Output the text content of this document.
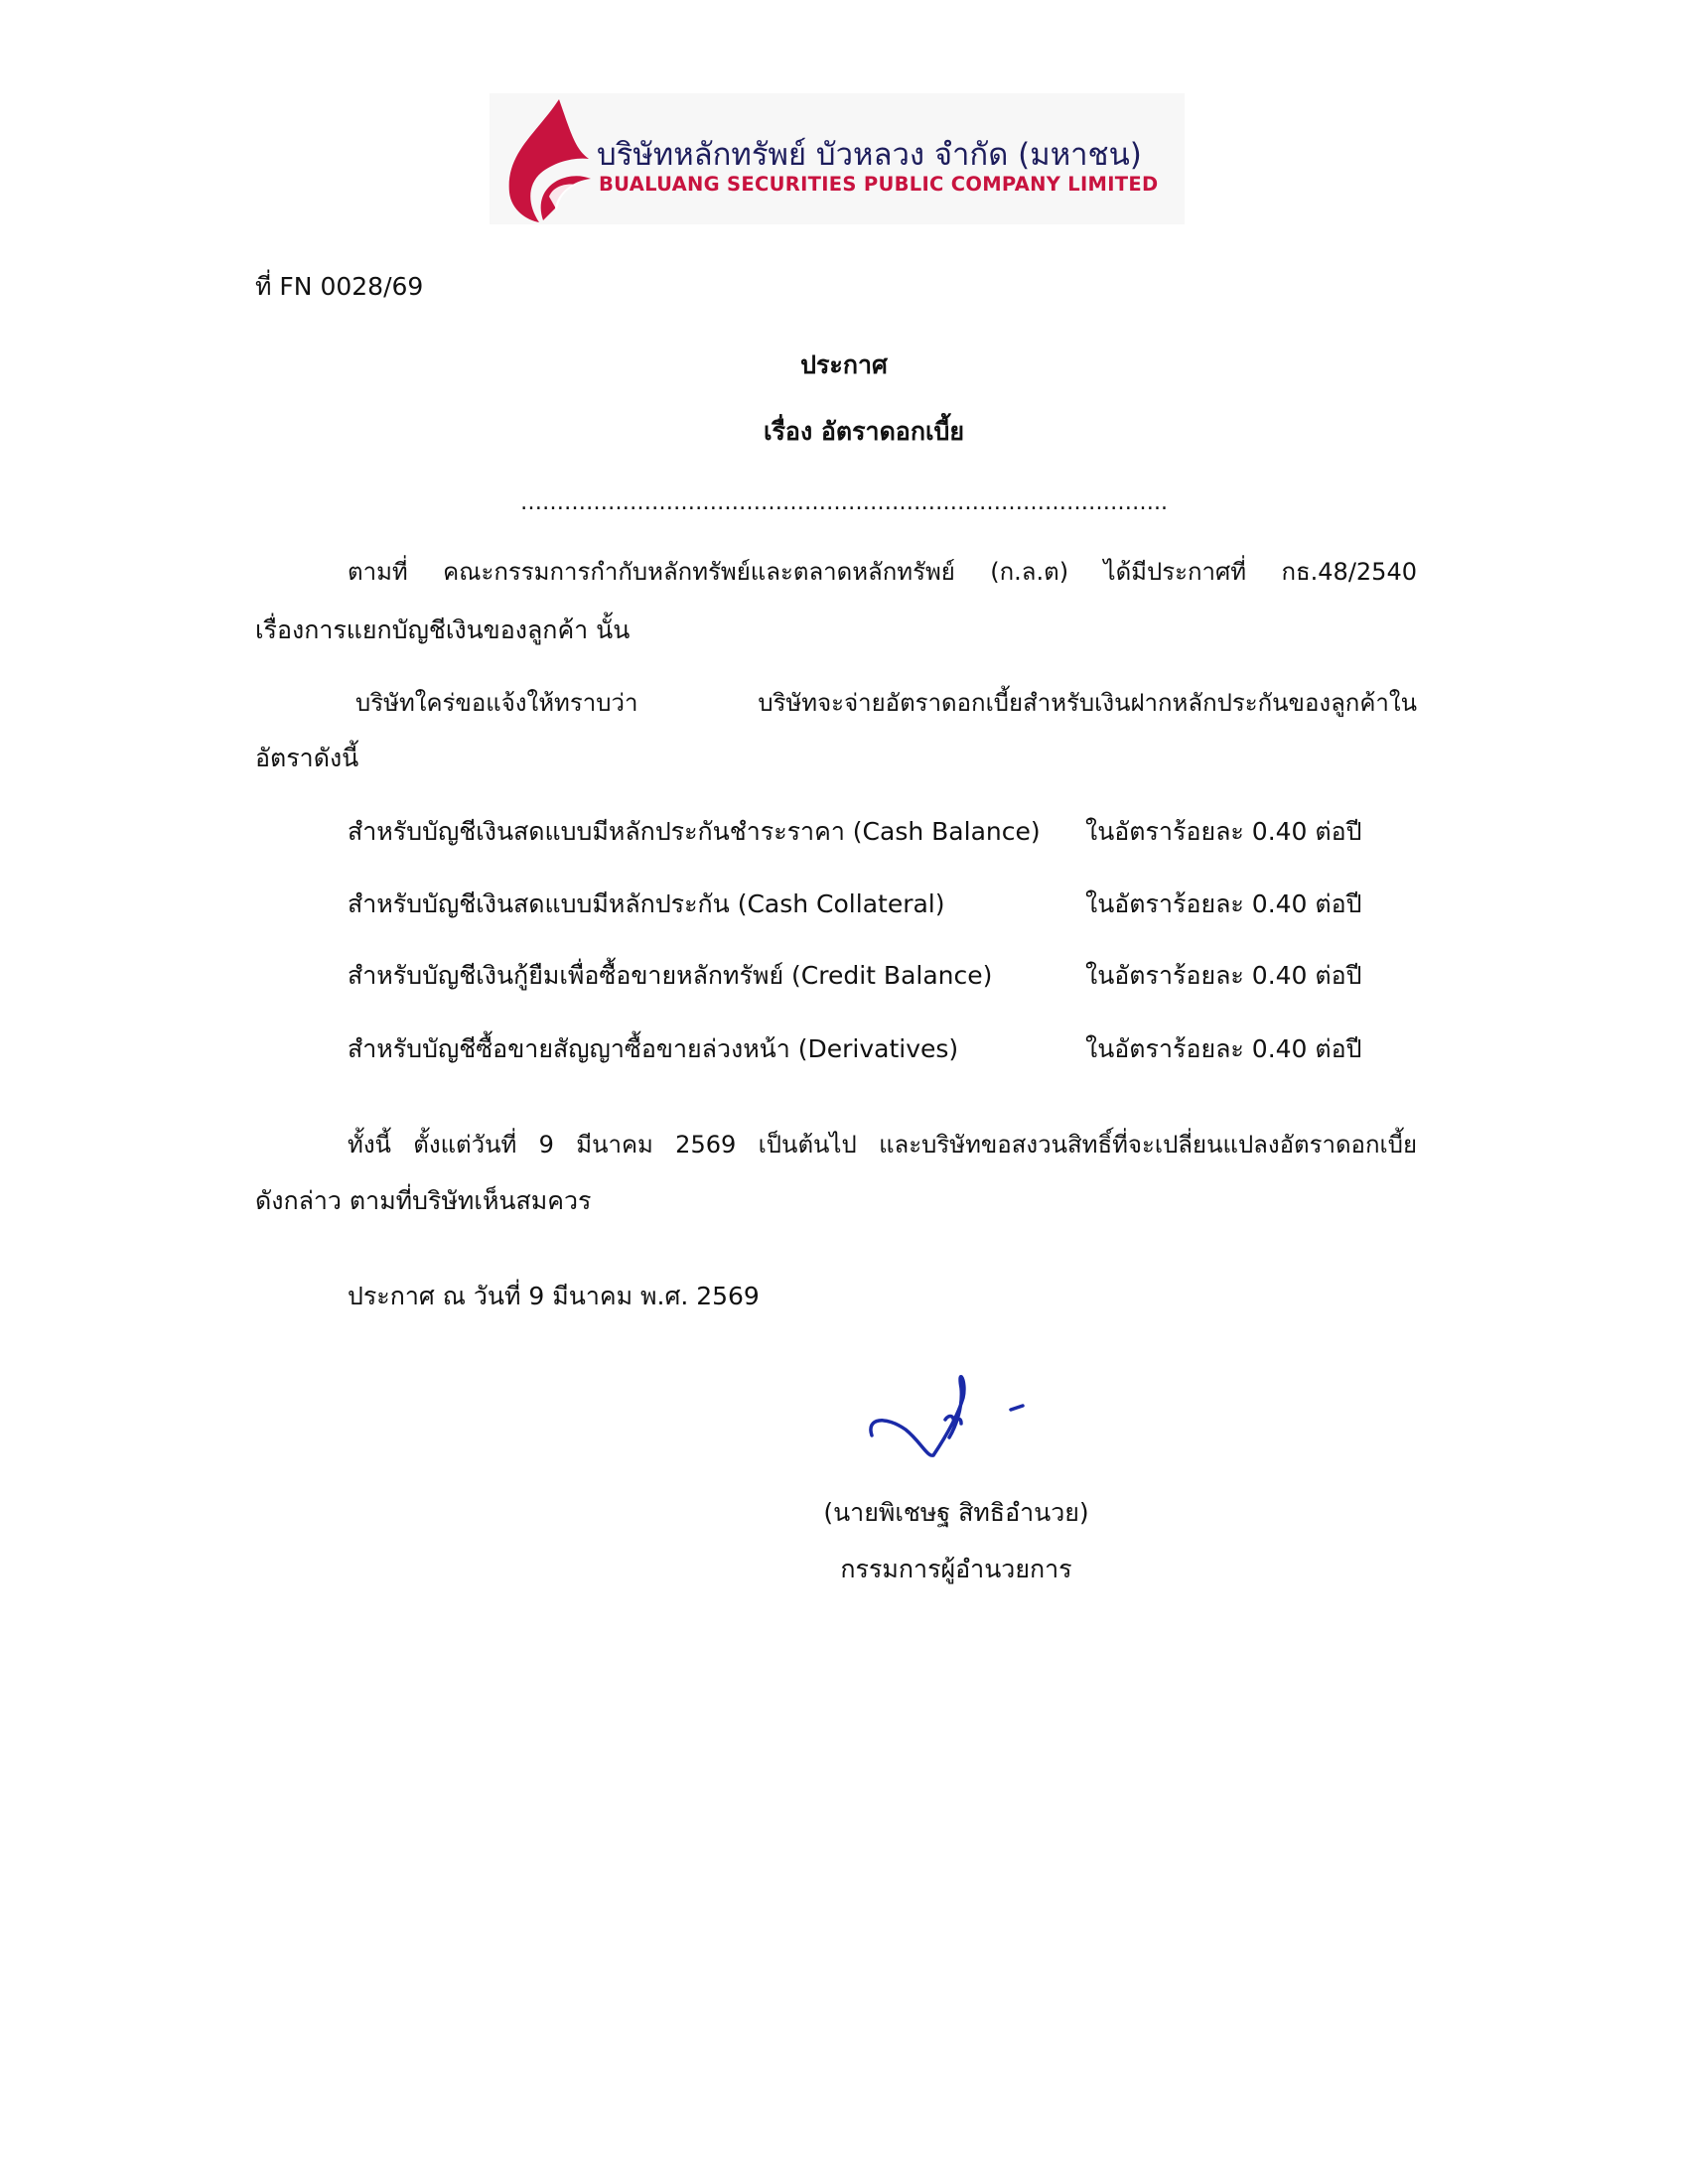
บริษัทหลักทรัพย์ บัวหลวง จำกัด (มหาชน)
BUALUANG SECURITIES PUBLIC COMPANY LIMITED
ที่ FN 0028/69
ประกาศ
เรื่อง อัตราดอกเบี้ย
……………………………………………………………………………..
ตามที่ คณะกรรมการกำกับหลักทรัพย์และตลาดหลักทรัพย์ (ก.ล.ต) ได้มีประกาศที่ กธ.48/2540
เรื่องการแยกบัญชีเงินของลูกค้า นั้น
บริษัทใคร่ขอแจ้งให้ทราบว่า บริษัทจะจ่ายอัตราดอกเบี้ยสำหรับเงินฝากหลักประกันของลูกค้าใน
อัตราดังนี้
สำหรับบัญชีเงินสดแบบมีหลักประกันชำระราคา (Cash Balance) ในอัตราร้อยละ 0.40 ต่อปี
สำหรับบัญชีเงินสดแบบมีหลักประกัน (Cash Collateral)	ในอัตราร้อยละ 0.40 ต่อปี
สำหรับบัญชีเงินกู้ยืมเพื่อซื้อขายหลักทรัพย์ (Credit Balance)	ในอัตราร้อยละ 0.40 ต่อปี
สำหรับบัญชีซื้อขายสัญญาซื้อขายล่วงหน้า (Derivatives)	ในอัตราร้อยละ 0.40 ต่อปี
ทั้งนี้ ตั้งแต่วันที่ 9 มีนาคม 2569 เป็นต้นไป และบริษัทขอสงวนสิทธิ์ที่จะเปลี่ยนแปลงอัตราดอกเบี้ย
ดังกล่าว ตามที่บริษัทเห็นสมควร
ประกาศ ณ วันที่ 9 มีนาคม พ.ศ. 2569
(นายพิเชษฐ สิทธิอำนวย)
กรรมการผู้อำนวยการ
